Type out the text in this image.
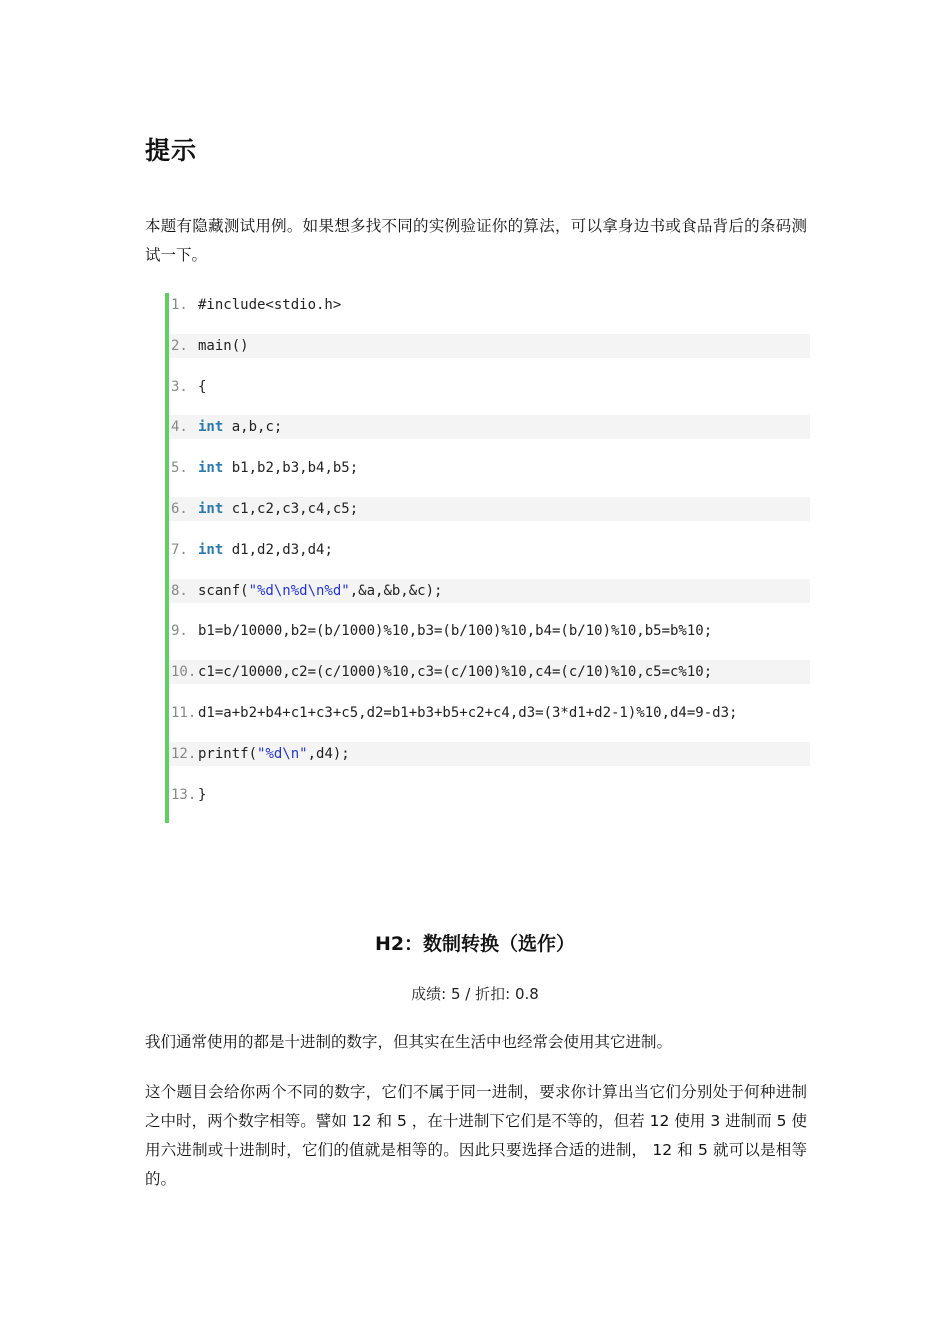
提示
本题有隐藏测试用例。如果想多找不同的实例验证你的算法，可以拿身边书或食品背后的条码测试一下。
1. #include<stdio.h>
2. main()
3. {
4. int a,b,c;
5. int b1,b2,b3,b4,b5;
6. int c1,c2,c3,c4,c5;
7. int d1,d2,d3,d4;
8. scanf("%d\n%d\n%d",&a,&b,&c);
9. b1=b/10000,b2=(b/1000)%10,b3=(b/100)%10,b4=(b/10)%10,b5=b%10;
10. c1=c/10000,c2=(c/1000)%10,c3=(c/100)%10,c4=(c/10)%10,c5=c%10;
11. d1=a+b2+b4+c1+c3+c5,d2=b1+b3+b5+c2+c4,d3=(3*d1+d2-1)%10,d4=9-d3;
12. printf("%d\n",d4);
13. }
H2：数制转换（选作）
成绩: 5 / 折扣: 0.8
我们通常使用的都是十进制的数字，但其实在生活中也经常会使用其它进制。
这个题目会给你两个不同的数字，它们不属于同一进制，要求你计算出当它们分别处于何种进制之中时，两个数字相等。譬如 12 和 5 ，在十进制下它们是不等的，但若 12 使用 3 进制而 5 使用六进制或十进制时，它们的值就是相等的。因此只要选择合适的进制， 12 和 5 就可以是相等的。
